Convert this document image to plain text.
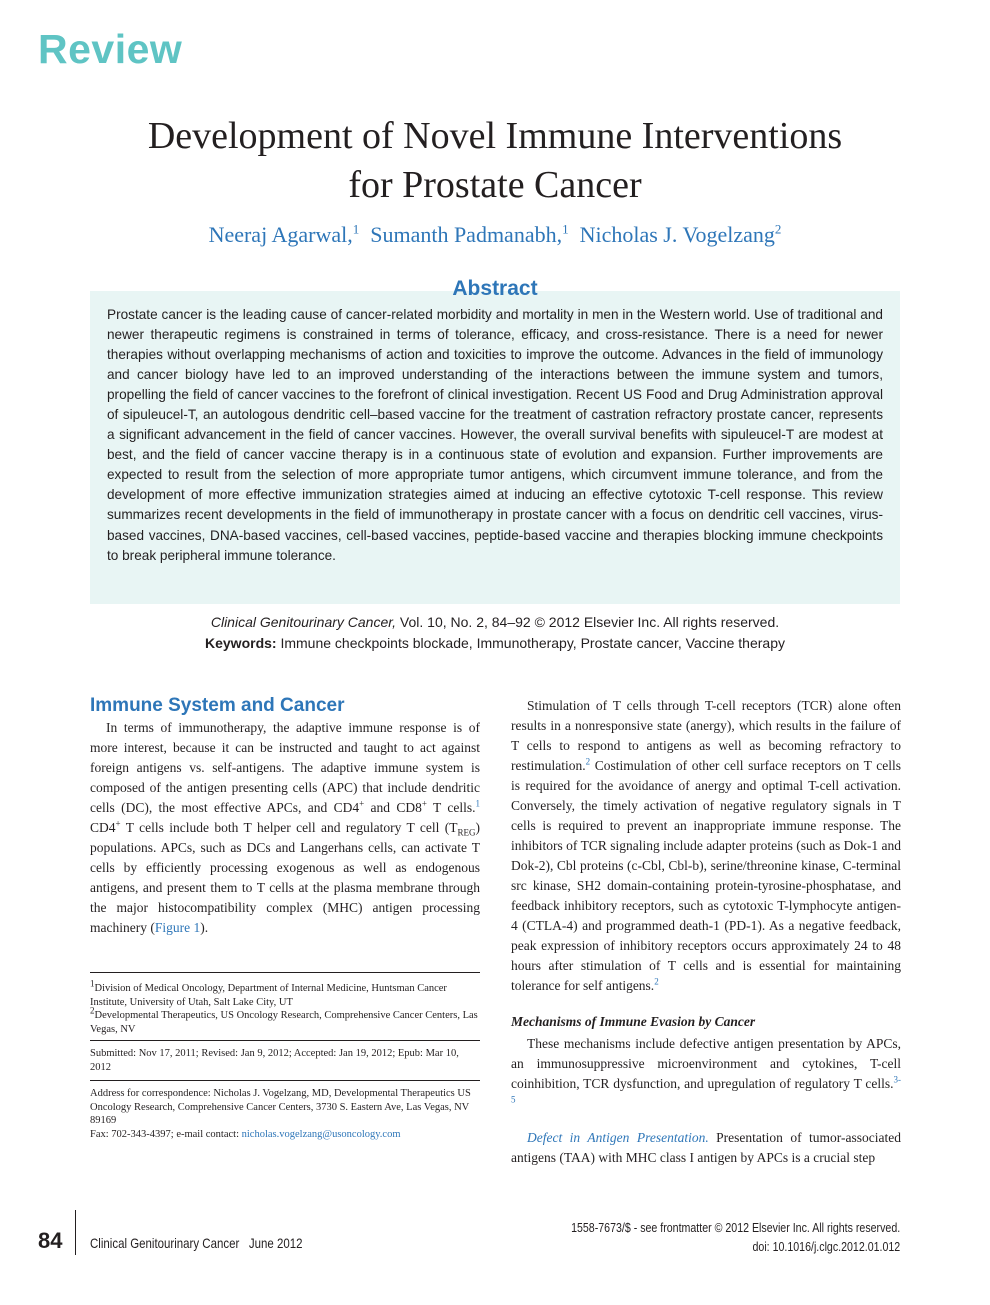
Review
Development of Novel Immune Interventions
for Prostate Cancer
Neeraj Agarwal,$^1$ Sumanth Padmanabh,$^1$ Nicholas J. Vogelzang$^2$
Abstract
Prostate cancer is the leading cause of cancer-related morbidity and mortality in men in the Western world. Use of traditional and newer therapeutic regimens is constrained in terms of tolerance, efficacy, and cross-resistance. There is a need for newer therapies without overlapping mechanisms of action and toxicities to improve the outcome. Advances in the field of immunology and cancer biology have led to an improved understanding of the interactions between the immune system and tumors, propelling the field of cancer vaccines to the forefront of clinical investigation. Recent US Food and Drug Administration approval of sipuleucel-T, an autologous dendritic cell–based vaccine for the treatment of castration refractory prostate cancer, represents a significant advancement in the field of cancer vaccines. However, the overall survival benefits with sipuleucel-T are modest at best, and the field of cancer vaccine therapy is in a continuous state of evolution and expansion. Further improvements are expected to result from the selection of more appropriate tumor antigens, which circumvent immune tolerance, and from the development of more effective immunization strategies aimed at inducing an effective cytotoxic T-cell response. This review summarizes recent developments in the field of immunotherapy in prostate cancer with a focus on dendritic cell vaccines, virus-based vaccines, DNA-based vaccines, cell-based vaccines, peptide-based vaccine and therapies blocking immune checkpoints to break peripheral immune tolerance.
Clinical Genitourinary Cancer, Vol. 10, No. 2, 84–92 © 2012 Elsevier Inc. All rights reserved.
Keywords: Immune checkpoints blockade, Immunotherapy, Prostate cancer, Vaccine therapy
Immune System and Cancer

In terms of immunotherapy, the adaptive immune response is of more interest, because it can be instructed and taught to act against foreign antigens vs. self-antigens. The adaptive immune system is composed of the antigen presenting cells (APC) that include dendritic cells (DC), the most effective APCs, and CD4+ and CD8+ T cells.$^1$ CD4+ T cells include both T helper cell and regulatory T cell $(T_{REG})$ populations. APCs, such as DCs and Langerhans cells, can activate T cells by efficiently processing exogenous as well as endogenous antigens, and present them to T cells at the plasma membrane through the major histocompatibility complex (MHC) antigen processing machinery (Figure 1).

$^1$Division of Medical Oncology, Department of Internal Medicine, Huntsman Cancer Institute, University of Utah, Salt Lake City, UT
$^2$Developmental Therapeutics, US Oncology Research, Comprehensive Cancer Centers, Las Vegas, NV
Submitted: Nov 17, 2011; Revised: Jan 9, 2012; Accepted: Jan 19, 2012; Epub: Mar 10, 2012
Address for correspondence: Nicholas J. Vogelzang, MD, Developmental Therapeutics US Oncology Research, Comprehensive Cancer Centers, 3730 S. Eastern Ave, Las Vegas, NV 89169
Fax: 702-343-4397; e-mail contact: nicholas.vogelzang@usoncology.com

Stimulation of T cells through T-cell receptors (TCR) alone often results in a nonresponsive state (anergy), which results in the failure of T cells to respond to antigens as well as becoming refractory to restimulation.$^2$ Costimulation of other cell surface receptors on T cells is required for the avoidance of anergy and optimal T-cell activation. Conversely, the timely activation of negative regulatory signals in T cells is required to prevent an inappropriate immune response. The inhibitors of TCR signaling include adapter proteins (such as Dok-1 and Dok-2), Cbl proteins (c-Cbl, Cbl-b), serine/threonine kinase, C-terminal src kinase, SH2 domain-containing protein-tyrosine-phosphatase, and feedback inhibitory receptors, such as cytotoxic T-lymphocyte antigen-4 (CTLA-4) and programmed death-1 (PD-1). As a negative feedback, peak expression of inhibitory receptors occurs approximately 24 to 48 hours after stimulation of T cells and is essential for maintaining tolerance for self antigens.$^2$

Mechanisms of Immune Evasion by Cancer

These mechanisms include defective antigen presentation by APCs, an immunosuppressive microenvironment and cytokines, T-cell coinhibition, TCR dysfunction, and upregulation of regulatory T cells.$^{3-5}$

Defect in Antigen Presentation. Presentation of tumor-associated antigens (TAA) with MHC class I antigen by APCs is a crucial step

84 Clinical Genitourinary Cancer June 2012
1558-7673/$ - see frontmatter © 2012 Elsevier Inc. All rights reserved.
doi: 10.1016/j.clgc.2012.01.012
